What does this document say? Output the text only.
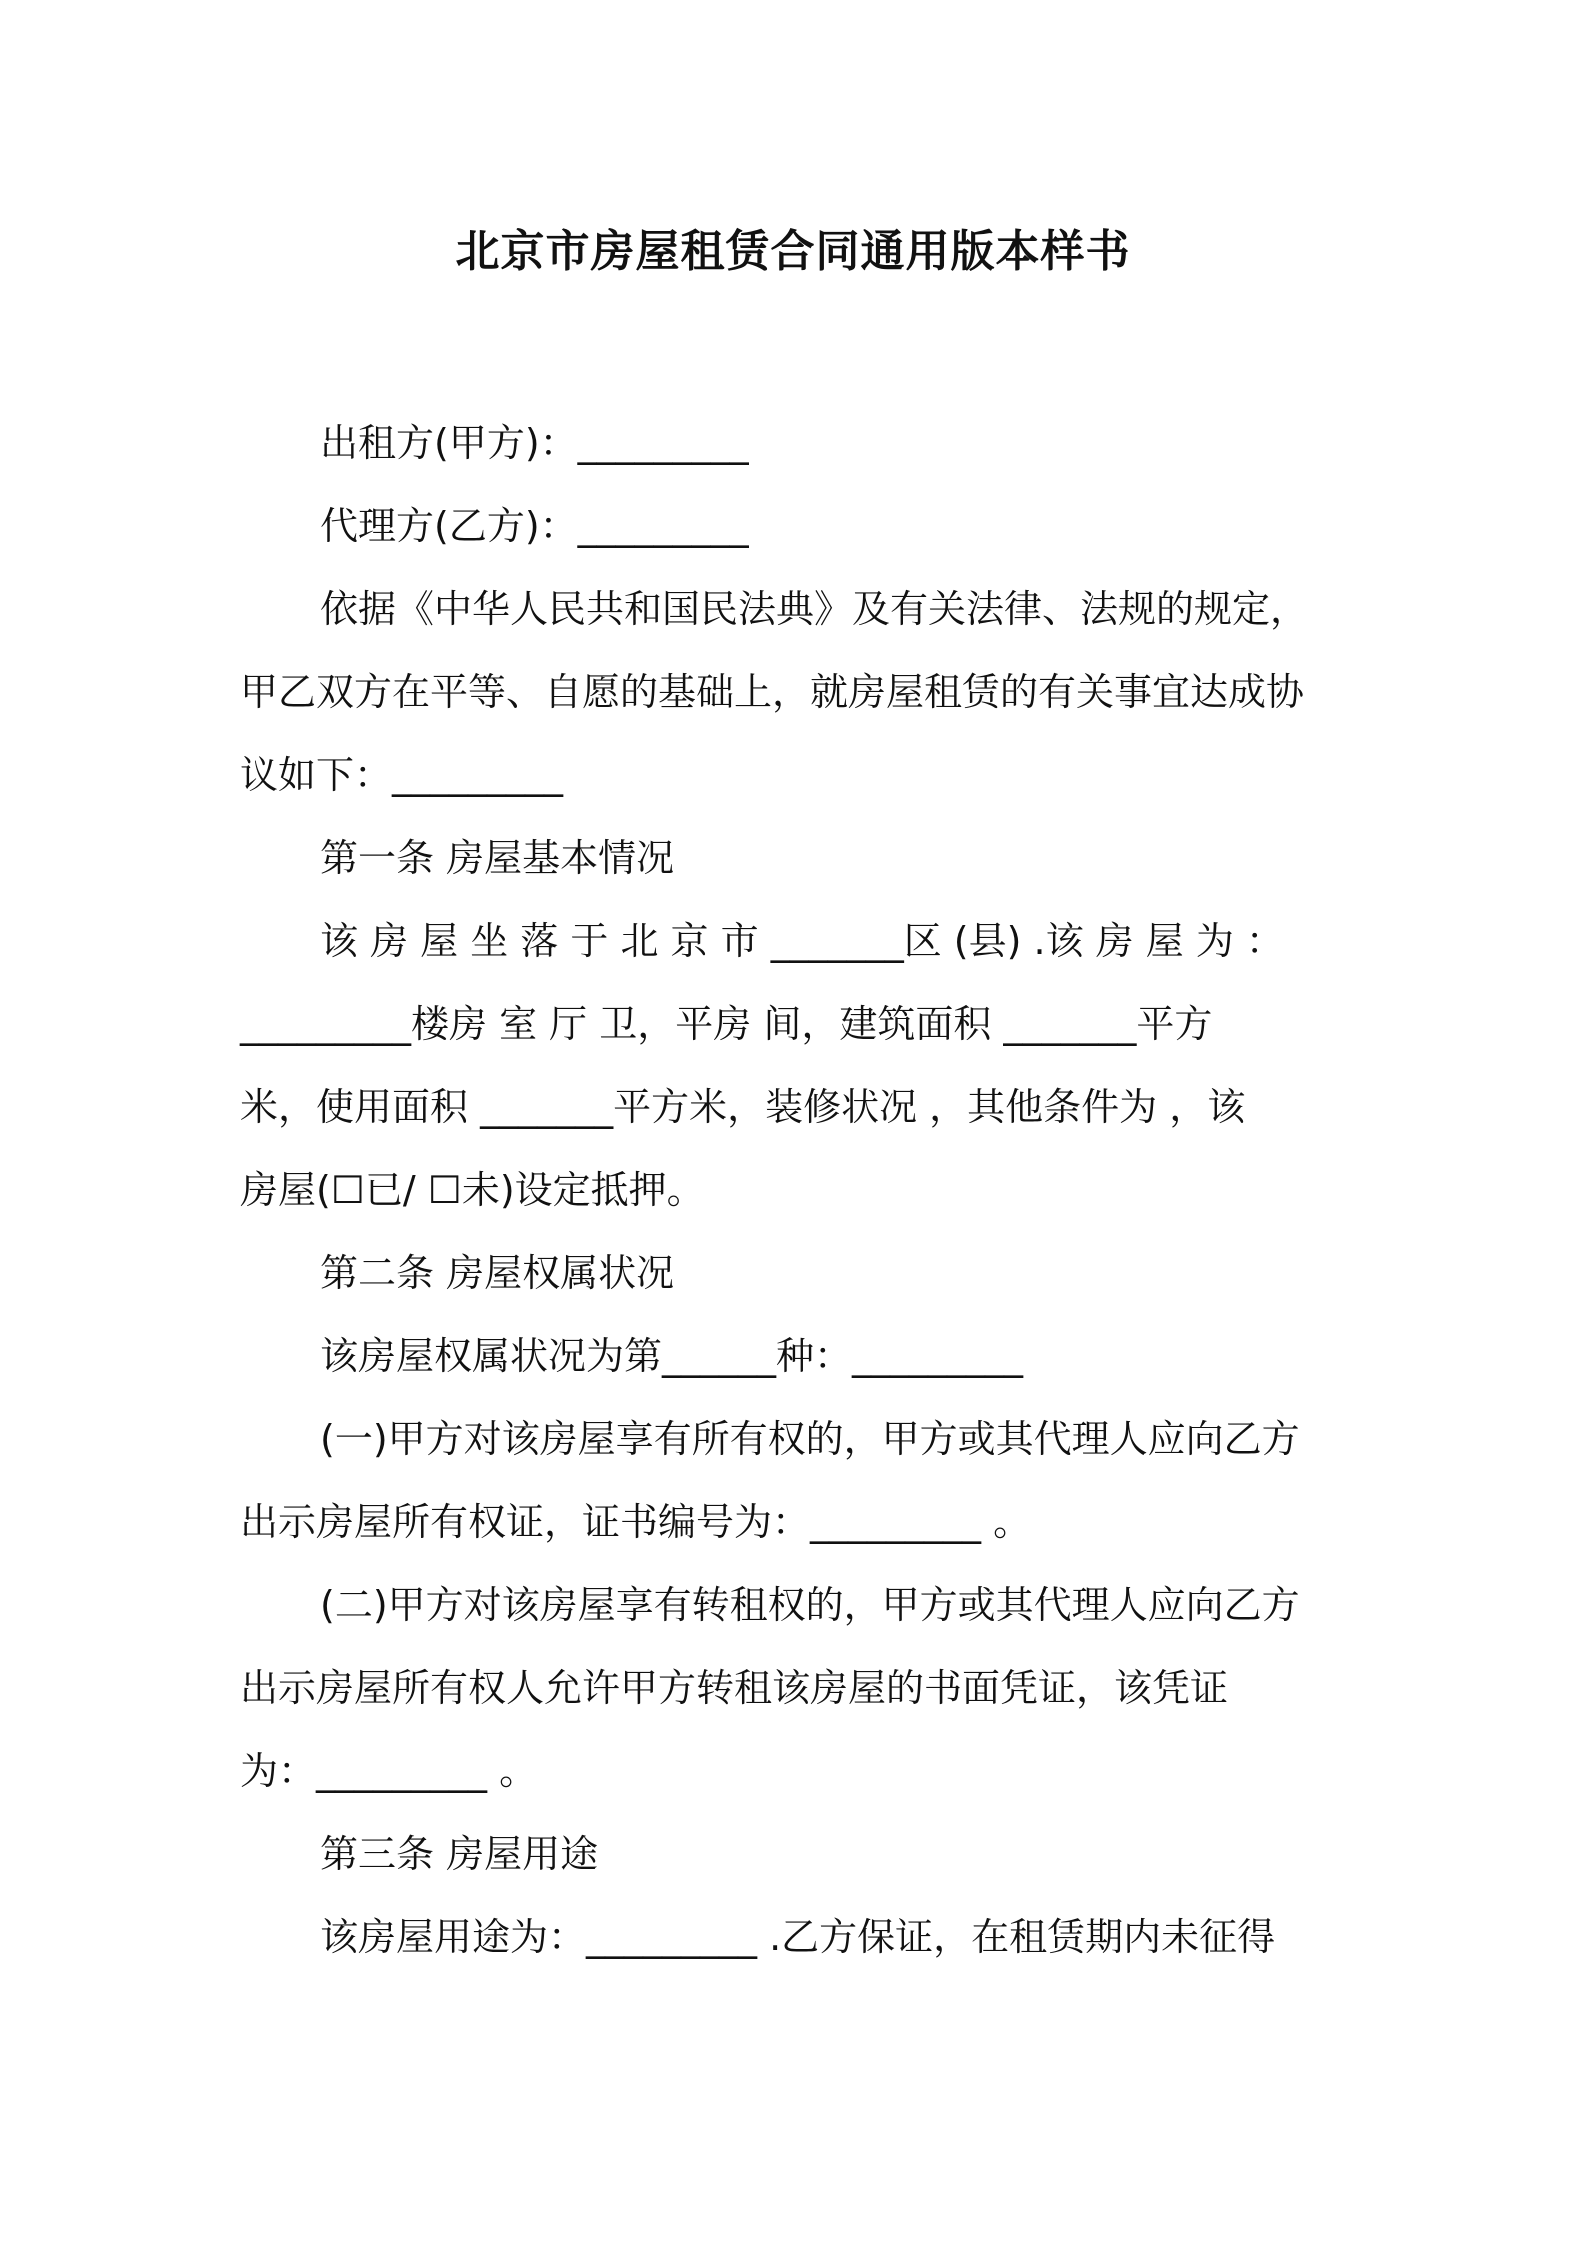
北京市房屋租赁合同通用版本样书
出租方(甲方)：_________
代理方(乙方)：_________
依据《中华人民共和国民法典》及有关法律、法规的规定，
甲乙双方在平等、自愿的基础上，就房屋租赁的有关事宜达成协
议如下：_________
第一条 房屋基本情况
该 房 屋 坐 落 于 北 京 市 _______区 (县) .该 房 屋 为 ：
_________楼房 室 厅 卫，平房 间，建筑面积 _______平方
米，使用面积 _______平方米，装修状况 ，其他条件为 ，该
房屋(☐已/ ☐未)设定抵押。
第二条 房屋权属状况
该房屋权属状况为第______种：_________
(一)甲方对该房屋享有所有权的，甲方或其代理人应向乙方
出示房屋所有权证，证书编号为：_________ 。
(二)甲方对该房屋享有转租权的，甲方或其代理人应向乙方
出示房屋所有权人允许甲方转租该房屋的书面凭证，该凭证
为：_________ 。
第三条 房屋用途
该房屋用途为：_________ .乙方保证，在租赁期内未征得
